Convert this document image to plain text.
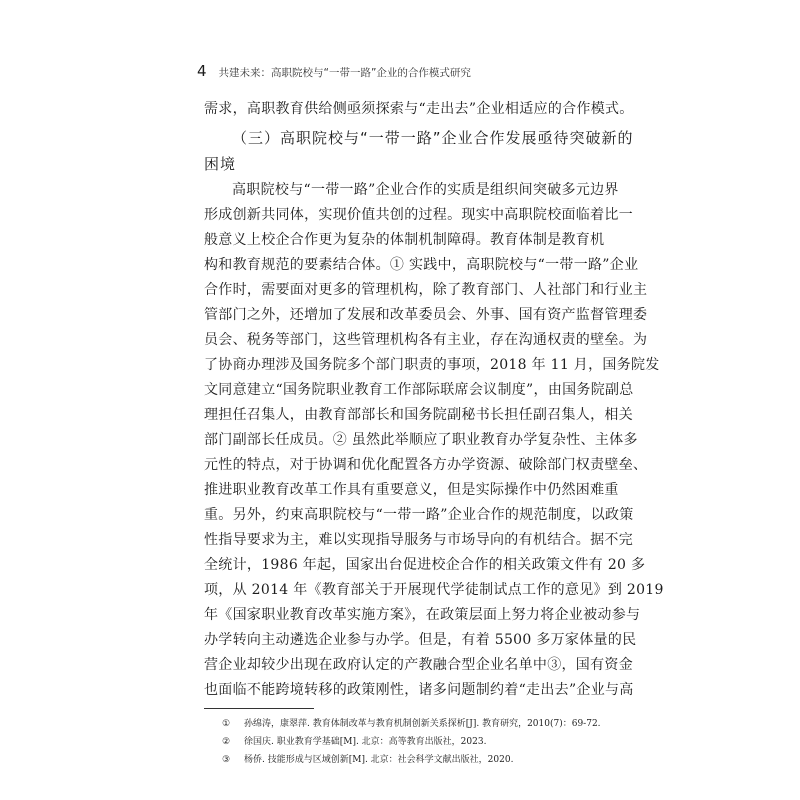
4 共建未来：高职院校与“一带一路”企业的合作模式研究
需求，高职教育供给侧亟须探索与“走出去”企业相适应的合作模式。
（三）高职院校与“一带一路”企业合作发展亟待突破新的
困境
高职院校与“一带一路”企业合作的实质是组织间突破多元边界
形成创新共同体，实现价值共创的过程。现实中高职院校面临着比一
般意义上校企合作更为复杂的体制机制障碍。教育体制是教育机
构和教育规范的要素结合体。① 实践中，高职院校与“一带一路”企业
合作时，需要面对更多的管理机构，除了教育部门、人社部门和行业主
管部门之外，还增加了发展和改革委员会、外事、国有资产监督管理委
员会、税务等部门，这些管理机构各有主业，存在沟通权责的壁垒。为
了协商办理涉及国务院多个部门职责的事项，2018 年 11 月，国务院发
文同意建立“国务院职业教育工作部际联席会议制度”，由国务院副总
理担任召集人，由教育部部长和国务院副秘书长担任副召集人，相关
部门副部长任成员。② 虽然此举顺应了职业教育办学复杂性、主体多
元性的特点，对于协调和优化配置各方办学资源、破除部门权责壁垒、
推进职业教育改革工作具有重要意义，但是实际操作中仍然困难重
重。另外，约束高职院校与“一带一路”企业合作的规范制度，以政策
性指导要求为主，难以实现指导服务与市场导向的有机结合。据不完
全统计，1986 年起，国家出台促进校企合作的相关政策文件有 20 多
项，从 2014 年《教育部关于开展现代学徒制试点工作的意见》到 2019
年《国家职业教育改革实施方案》，在政策层面上努力将企业被动参与
办学转向主动遴选企业参与办学。但是，有着 5500 多万家体量的民
营企业却较少出现在政府认定的产教融合型企业名单中③，国有资金
也面临不能跨境转移的政策刚性，诸多问题制约着“走出去”企业与高
① 孙绵涛，康翠萍. 教育体制改革与教育机制创新关系探析[J]. 教育研究，2010(7)：69-72.
② 徐国庆. 职业教育学基础[M]. 北京：高等教育出版社，2023.
③ 杨侨. 技能形成与区域创新[M]. 北京：社会科学文献出版社，2020.
